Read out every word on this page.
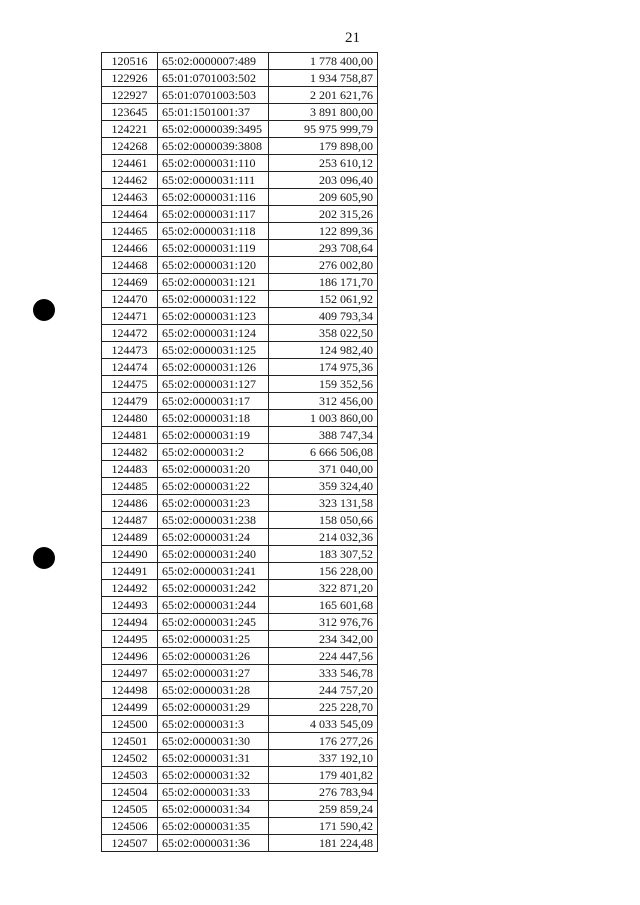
21
120516	65:02:0000007:489	1 778 400,00
122926	65:01:0701003:502	1 934 758,87
122927	65:01:0701003:503	2 201 621,76
123645	65:01:1501001:37	3 891 800,00
124221	65:02:0000039:3495	95 975 999,79
124268	65:02:0000039:3808	179 898,00
124461	65:02:0000031:110	253 610,12
124462	65:02:0000031:111	203 096,40
124463	65:02:0000031:116	209 605,90
124464	65:02:0000031:117	202 315,26
124465	65:02:0000031:118	122 899,36
124466	65:02:0000031:119	293 708,64
124468	65:02:0000031:120	276 002,80
124469	65:02:0000031:121	186 171,70
124470	65:02:0000031:122	152 061,92
124471	65:02:0000031:123	409 793,34
124472	65:02:0000031:124	358 022,50
124473	65:02:0000031:125	124 982,40
124474	65:02:0000031:126	174 975,36
124475	65:02:0000031:127	159 352,56
124479	65:02:0000031:17	312 456,00
124480	65:02:0000031:18	1 003 860,00
124481	65:02:0000031:19	388 747,34
124482	65:02:0000031:2	6 666 506,08
124483	65:02:0000031:20	371 040,00
124485	65:02:0000031:22	359 324,40
124486	65:02:0000031:23	323 131,58
124487	65:02:0000031:238	158 050,66
124489	65:02:0000031:24	214 032,36
124490	65:02:0000031:240	183 307,52
124491	65:02:0000031:241	156 228,00
124492	65:02:0000031:242	322 871,20
124493	65:02:0000031:244	165 601,68
124494	65:02:0000031:245	312 976,76
124495	65:02:0000031:25	234 342,00
124496	65:02:0000031:26	224 447,56
124497	65:02:0000031:27	333 546,78
124498	65:02:0000031:28	244 757,20
124499	65:02:0000031:29	225 228,70
124500	65:02:0000031:3	4 033 545,09
124501	65:02:0000031:30	176 277,26
124502	65:02:0000031:31	337 192,10
124503	65:02:0000031:32	179 401,82
124504	65:02:0000031:33	276 783,94
124505	65:02:0000031:34	259 859,24
124506	65:02:0000031:35	171 590,42
124507	65:02:0000031:36	181 224,48
